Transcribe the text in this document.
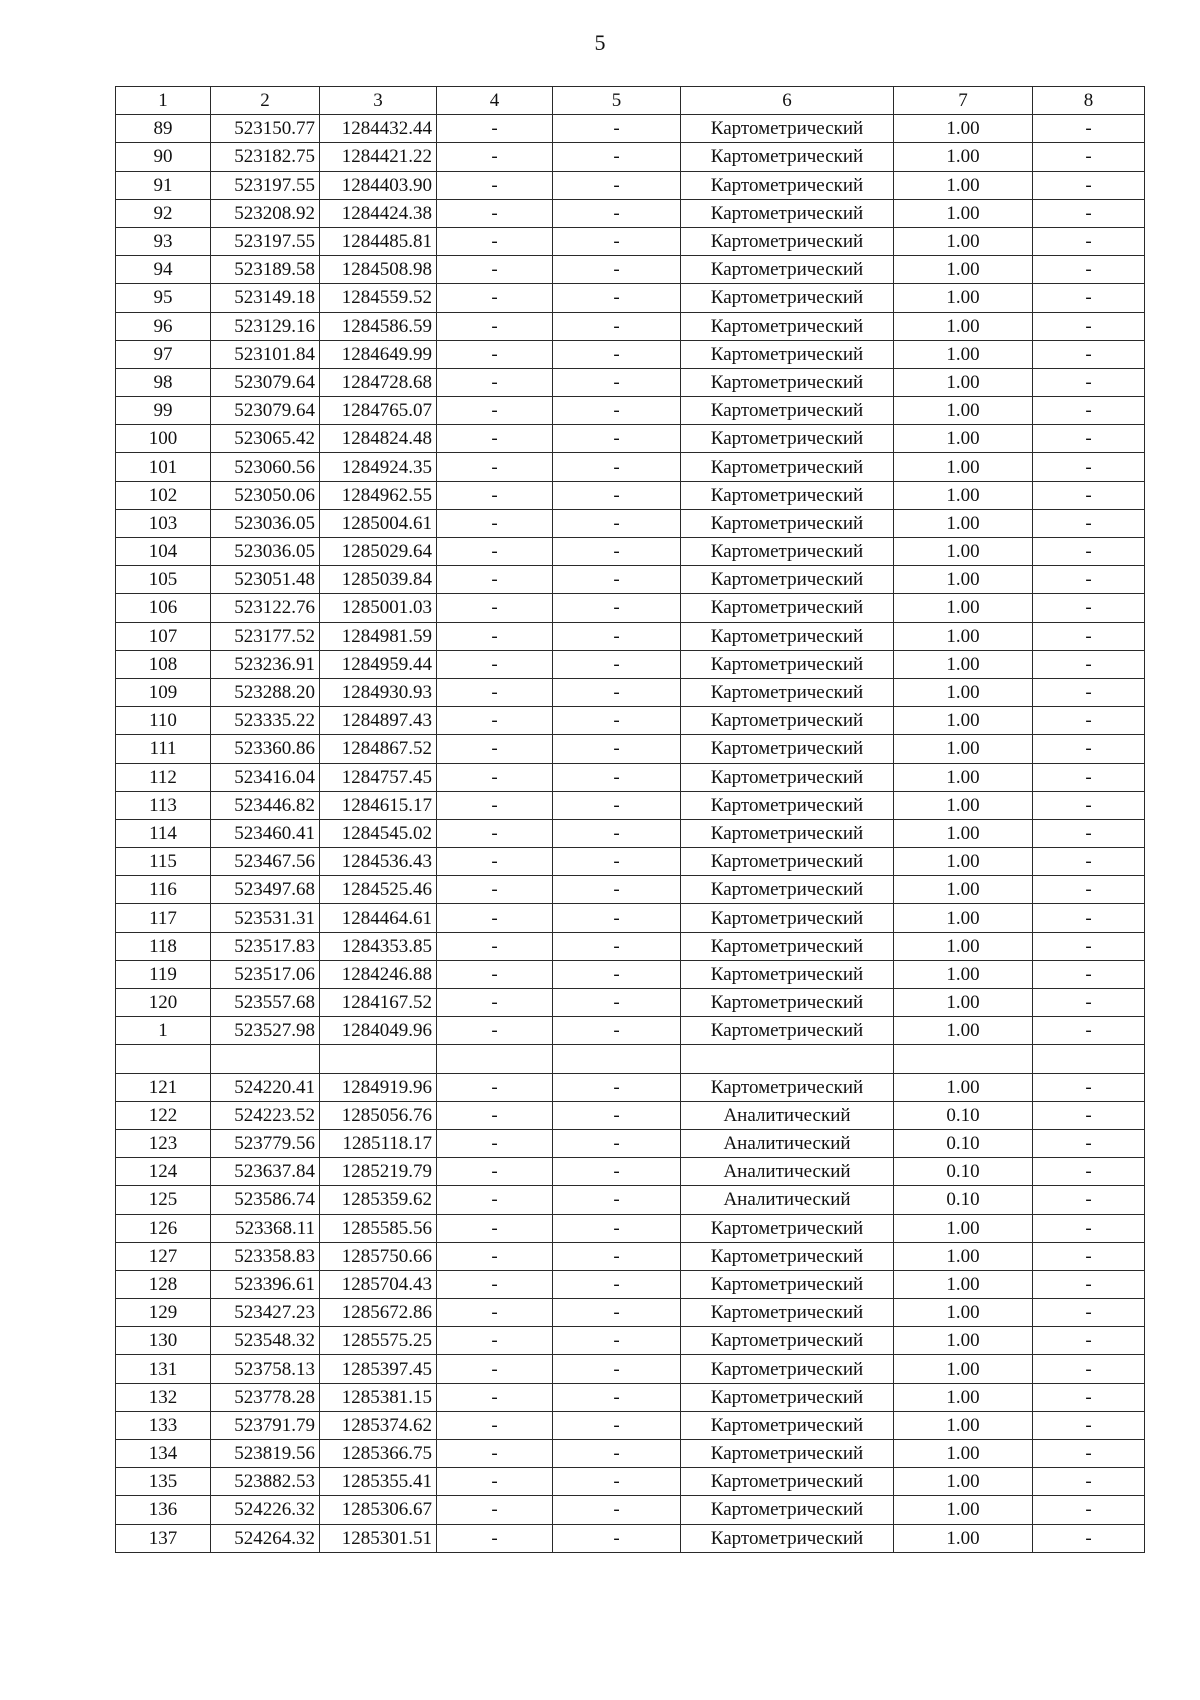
5
1	2	3	4	5	6	7	8
89	523150.77	1284432.44	-	-	Картометрический	1.00	-
90	523182.75	1284421.22	-	-	Картометрический	1.00	-
91	523197.55	1284403.90	-	-	Картометрический	1.00	-
92	523208.92	1284424.38	-	-	Картометрический	1.00	-
93	523197.55	1284485.81	-	-	Картометрический	1.00	-
94	523189.58	1284508.98	-	-	Картометрический	1.00	-
95	523149.18	1284559.52	-	-	Картометрический	1.00	-
96	523129.16	1284586.59	-	-	Картометрический	1.00	-
97	523101.84	1284649.99	-	-	Картометрический	1.00	-
98	523079.64	1284728.68	-	-	Картометрический	1.00	-
99	523079.64	1284765.07	-	-	Картометрический	1.00	-
100	523065.42	1284824.48	-	-	Картометрический	1.00	-
101	523060.56	1284924.35	-	-	Картометрический	1.00	-
102	523050.06	1284962.55	-	-	Картометрический	1.00	-
103	523036.05	1285004.61	-	-	Картометрический	1.00	-
104	523036.05	1285029.64	-	-	Картометрический	1.00	-
105	523051.48	1285039.84	-	-	Картометрический	1.00	-
106	523122.76	1285001.03	-	-	Картометрический	1.00	-
107	523177.52	1284981.59	-	-	Картометрический	1.00	-
108	523236.91	1284959.44	-	-	Картометрический	1.00	-
109	523288.20	1284930.93	-	-	Картометрический	1.00	-
110	523335.22	1284897.43	-	-	Картометрический	1.00	-
111	523360.86	1284867.52	-	-	Картометрический	1.00	-
112	523416.04	1284757.45	-	-	Картометрический	1.00	-
113	523446.82	1284615.17	-	-	Картометрический	1.00	-
114	523460.41	1284545.02	-	-	Картометрический	1.00	-
115	523467.56	1284536.43	-	-	Картометрический	1.00	-
116	523497.68	1284525.46	-	-	Картометрический	1.00	-
117	523531.31	1284464.61	-	-	Картометрический	1.00	-
118	523517.83	1284353.85	-	-	Картометрический	1.00	-
119	523517.06	1284246.88	-	-	Картометрический	1.00	-
120	523557.68	1284167.52	-	-	Картометрический	1.00	-
1	523527.98	1284049.96	-	-	Картометрический	1.00	-

121	524220.41	1284919.96	-	-	Картометрический	1.00	-
122	524223.52	1285056.76	-	-	Аналитический	0.10	-
123	523779.56	1285118.17	-	-	Аналитический	0.10	-
124	523637.84	1285219.79	-	-	Аналитический	0.10	-
125	523586.74	1285359.62	-	-	Аналитический	0.10	-
126	523368.11	1285585.56	-	-	Картометрический	1.00	-
127	523358.83	1285750.66	-	-	Картометрический	1.00	-
128	523396.61	1285704.43	-	-	Картометрический	1.00	-
129	523427.23	1285672.86	-	-	Картометрический	1.00	-
130	523548.32	1285575.25	-	-	Картометрический	1.00	-
131	523758.13	1285397.45	-	-	Картометрический	1.00	-
132	523778.28	1285381.15	-	-	Картометрический	1.00	-
133	523791.79	1285374.62	-	-	Картометрический	1.00	-
134	523819.56	1285366.75	-	-	Картометрический	1.00	-
135	523882.53	1285355.41	-	-	Картометрический	1.00	-
136	524226.32	1285306.67	-	-	Картометрический	1.00	-
137	524264.32	1285301.51	-	-	Картометрический	1.00	-
